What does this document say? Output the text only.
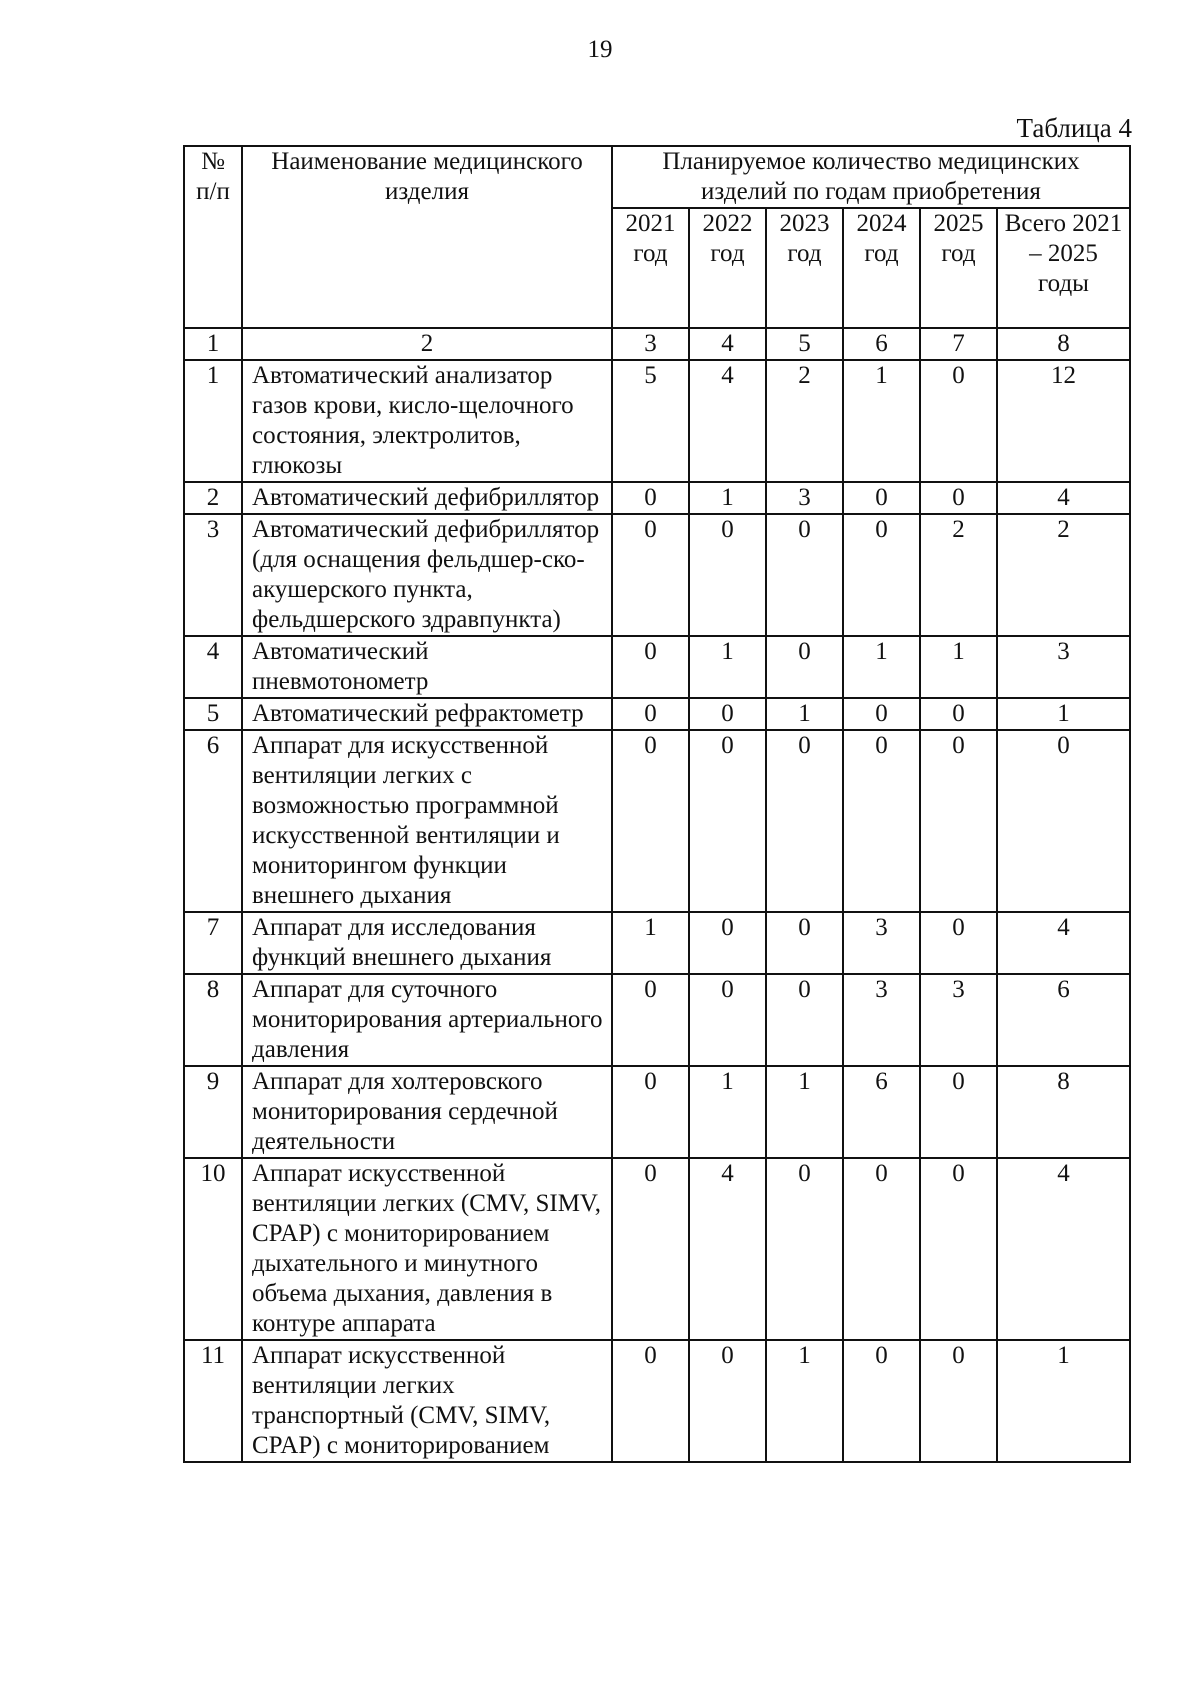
19
Таблица 4
№ п/п	Наименование медицинского изделия	Планируемое количество медицинских изделий по годам приобретения					
		2021 год	2022 год	2023 год	2024 год	2025 год	Всего 2021 – 2025 годы
1	2	3	4	5	6	7	8
1	Автоматический анализатор газов крови, кисло-щелочного состояния, электролитов, глюкозы	5	4	2	1	0	12
2	Автоматический дефибриллятор	0	1	3	0	0	4
3	Автоматический дефибриллятор (для оснащения фельдшер-ско-акушерского пункта, фельдшерского здравпункта)	0	0	0	0	2	2
4	Автоматический пневмотонометр	0	1	0	1	1	3
5	Автоматический рефрактометр	0	0	1	0	0	1
6	Аппарат для искусственной вентиляции легких с возможностью программной искусственной вентиляции и мониторингом функции внешнего дыхания	0	0	0	0	0	0
7	Аппарат для исследования функций внешнего дыхания	1	0	0	3	0	4
8	Аппарат для суточного мониторирования артериального давления	0	0	0	3	3	6
9	Аппарат для холтеровского мониторирования сердечной деятельности	0	1	1	6	0	8
10	Аппарат искусственной вентиляции легких (CMV, SIMV, CPAP) с мониторированием дыхательного и минутного объема дыхания, давления в контуре аппарата	0	4	0	0	0	4
11	Аппарат искусственной вентиляции легких транспортный (CMV, SIMV, CPAP) с мониторированием	0	0	1	0	0	1
